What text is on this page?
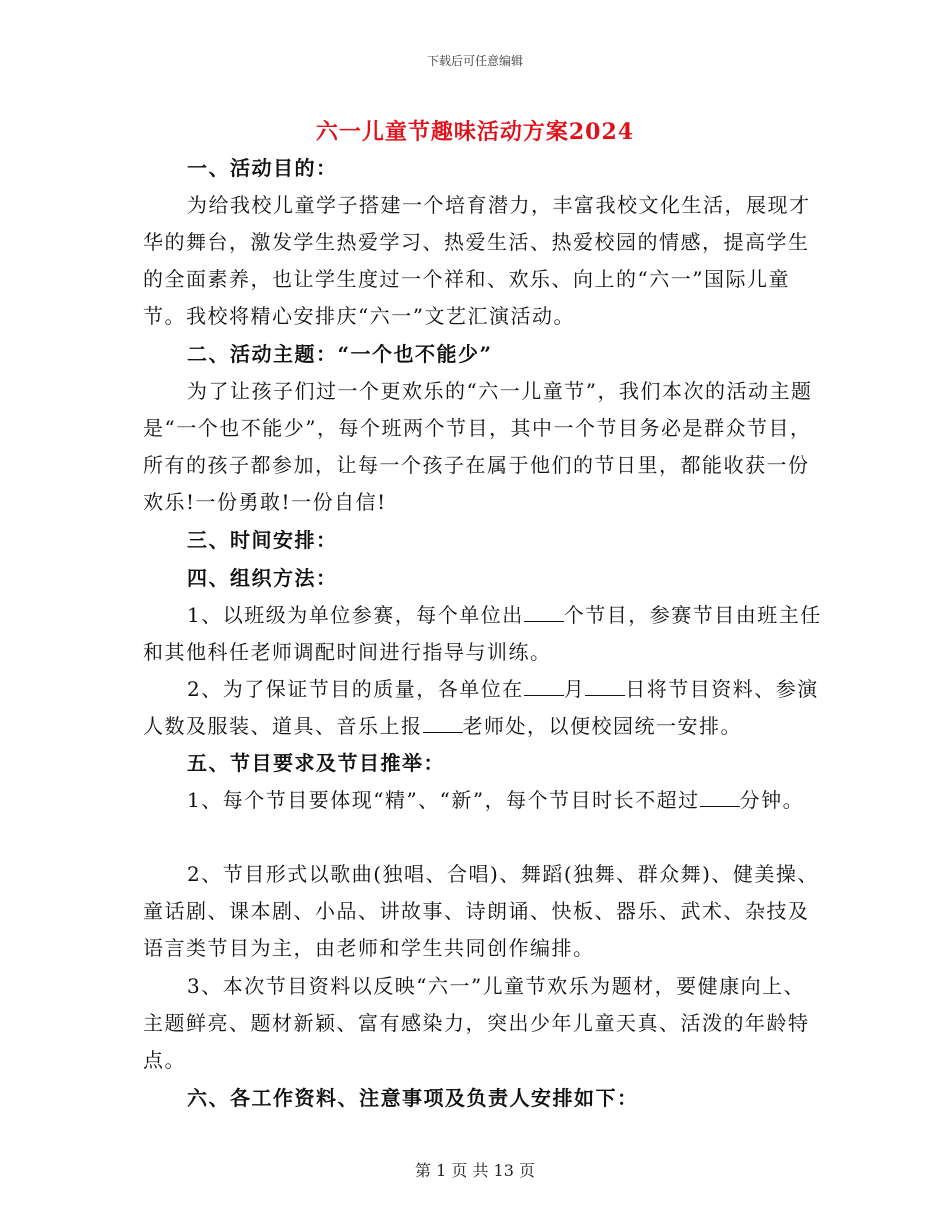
下载后可任意编辑
六一儿童节趣味活动方案2024
一、活动目的：

为给我校儿童学子搭建一个培育潜力，丰富我校文化生活，展现才华的舞台，激发学生热爱学习、热爱生活、热爱校园的情感，提高学生的全面素养，也让学生度过一个祥和、欢乐、向上的“六一”国际儿童节。我校将精心安排庆“六一”文艺汇演活动。

二、活动主题：“一个也不能少”

为了让孩子们过一个更欢乐的“六一儿童节”，我们本次的活动主题是“一个也不能少”，每个班两个节目，其中一个节目务必是群众节目，所有的孩子都参加，让每一个孩子在属于他们的节日里，都能收获一份欢乐!一份勇敢!一份自信!

三、时间安排：
四、组织方法：

1、以班级为单位参赛，每个单位出 个节目，参赛节目由班主任和其他科任老师调配时间进行指导与训练。

2、为了保证节目的质量，各单位在 月 日将节目资料、参演人数及服装、道具、音乐上报 老师处，以便校园统一安排。

五、节目要求及节目推举：

1、每个节目要体现“精”、“新”，每个节目时长不超过 分钟。

2、节目形式以歌曲(独唱、合唱)、舞蹈(独舞、群众舞)、健美操、童话剧、课本剧、小品、讲故事、诗朗诵、快板、器乐、武术、杂技及语言类节目为主，由老师和学生共同创作编排。

3、本次节目资料以反映“六一”儿童节欢乐为题材，要健康向上、主题鲜亮、题材新颖、富有感染力，突出少年儿童天真、活泼的年龄特点。

六、各工作资料、注意事项及负责人安排如下：
第 1 页 共 13 页
